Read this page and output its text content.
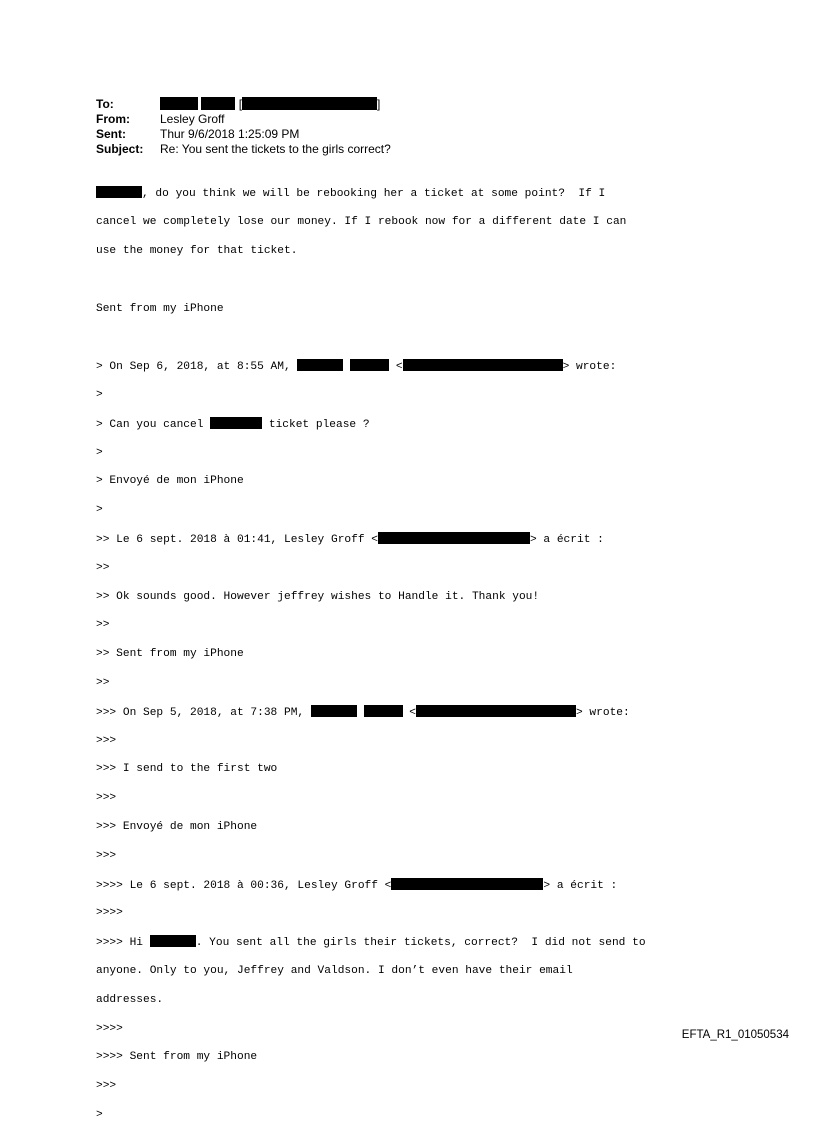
To:	[	]
From:	Lesley Groff
Sent:	Thur 9/6/2018 1:25:09 PM
Subject: Re: You sent the tickets to the girls correct?

, do you think we will be rebooking her a ticket at some point?  If I

cancel we completely lose our money. If I rebook now for a different date I can

use the money for that ticket.

Sent from my iPhone

> On Sep 6, 2018, at 8:55 AM,	<	> wrote:

>

> Can you cancel	ticket please ?

>

> Envoyé de mon iPhone

>

>> Le 6 sept. 2018 à 01:41, Lesley Groff <	> a écrit :

>>

>> Ok sounds good. However jeffrey wishes to Handle it. Thank you!

>>

>> Sent from my iPhone

>>

>>> On Sep 5, 2018, at 7:38 PM,	<	> wrote:

>>>

>>> I send to the first two

>>>

>>> Envoyé de mon iPhone

>>>

>>>> Le 6 sept. 2018 à 00:36, Lesley Groff <	> a écrit :

>>>>

>>>> Hi	. You sent all the girls their tickets, correct?  I did not send to

anyone. Only to you, Jeffrey and Valdson. I don’t even have their email

addresses.

>>>>

>>>> Sent from my iPhone

>>>

>

EFTA_R1_01050534
